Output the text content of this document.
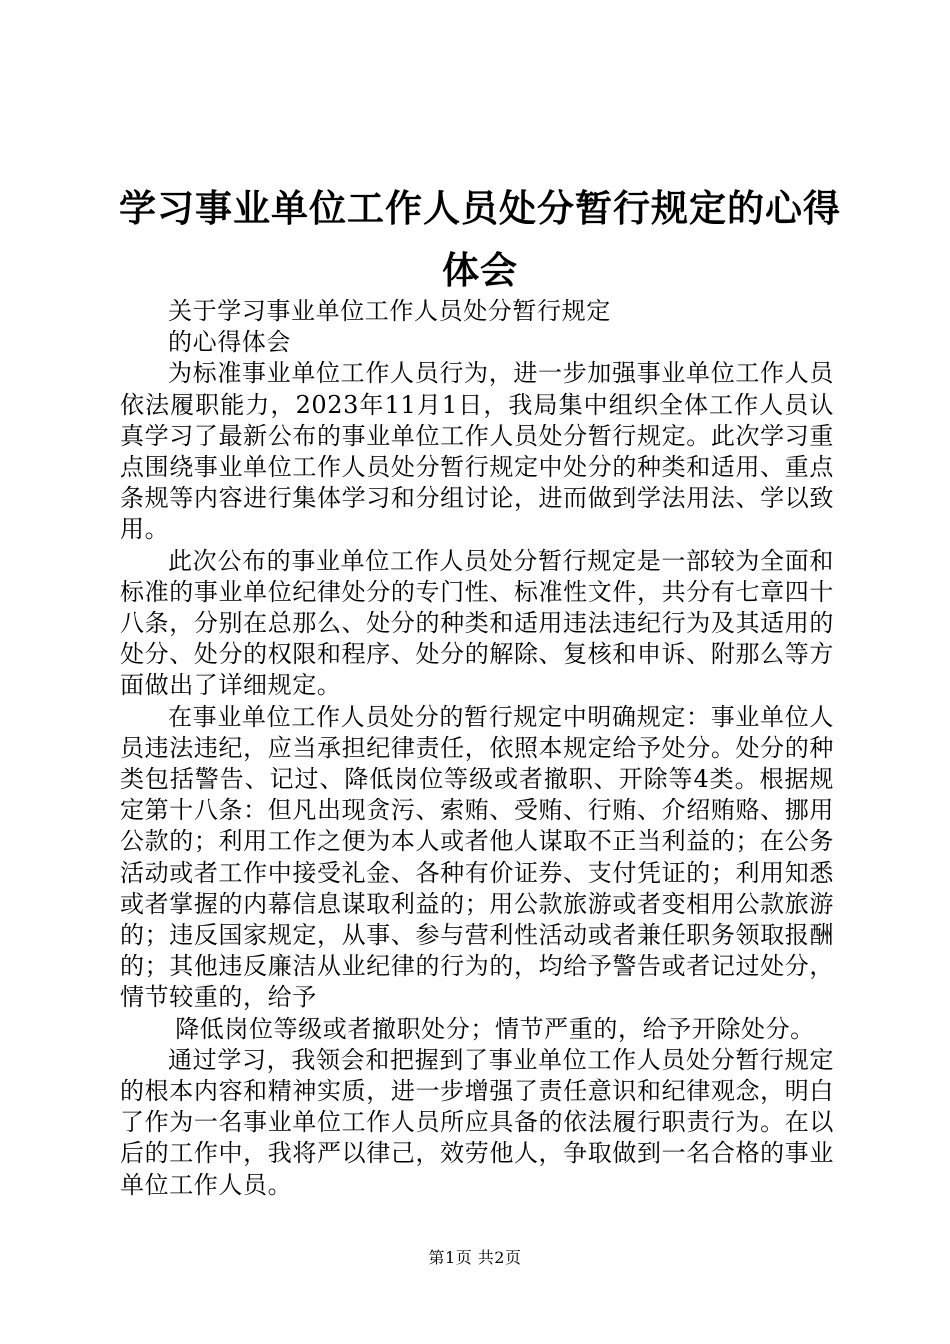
学习事业单位工作人员处分暂行规定的心得体会

关于学习事业单位工作人员处分暂行规定

的心得体会

为标准事业单位工作人员行为，进一步加强事业单位工作人员依法履职能力，2023年11月1日，我局集中组织全体工作人员认真学习了最新公布的事业单位工作人员处分暂行规定。此次学习重点围绕事业单位工作人员处分暂行规定中处分的种类和适用、重点条规等内容进行集体学习和分组讨论，进而做到学法用法、学以致用。

此次公布的事业单位工作人员处分暂行规定是一部较为全面和标准的事业单位纪律处分的专门性、标准性文件，共分有七章四十八条，分别在总那么、处分的种类和适用违法违纪行为及其适用的处分、处分的权限和程序、处分的解除、复核和申诉、附那么等方面做出了详细规定。

在事业单位工作人员处分的暂行规定中明确规定：事业单位人员违法违纪，应当承担纪律责任，依照本规定给予处分。处分的种类包括警告、记过、降低岗位等级或者撤职、开除等4类。根据规定第十八条：但凡出现贪污、索贿、受贿、行贿、介绍贿赂、挪用公款的；利用工作之便为本人或者他人谋取不正当利益的；在公务活动或者工作中接受礼金、各种有价证券、支付凭证的；利用知悉或者掌握的内幕信息谋取利益的；用公款旅游或者变相用公款旅游的；违反国家规定，从事、参与营利性活动或者兼任职务领取报酬的；其他违反廉洁从业纪律的行为的，均给予警告或者记过处分，情节较重的，给予

降低岗位等级或者撤职处分；情节严重的，给予开除处分。

通过学习，我领会和把握到了事业单位工作人员处分暂行规定的根本内容和精神实质，进一步增强了责任意识和纪律观念，明白了作为一名事业单位工作人员所应具备的依法履行职责行为。在以后的工作中，我将严以律己，效劳他人，争取做到一名合格的事业单位工作人员。

第1页 共2页
